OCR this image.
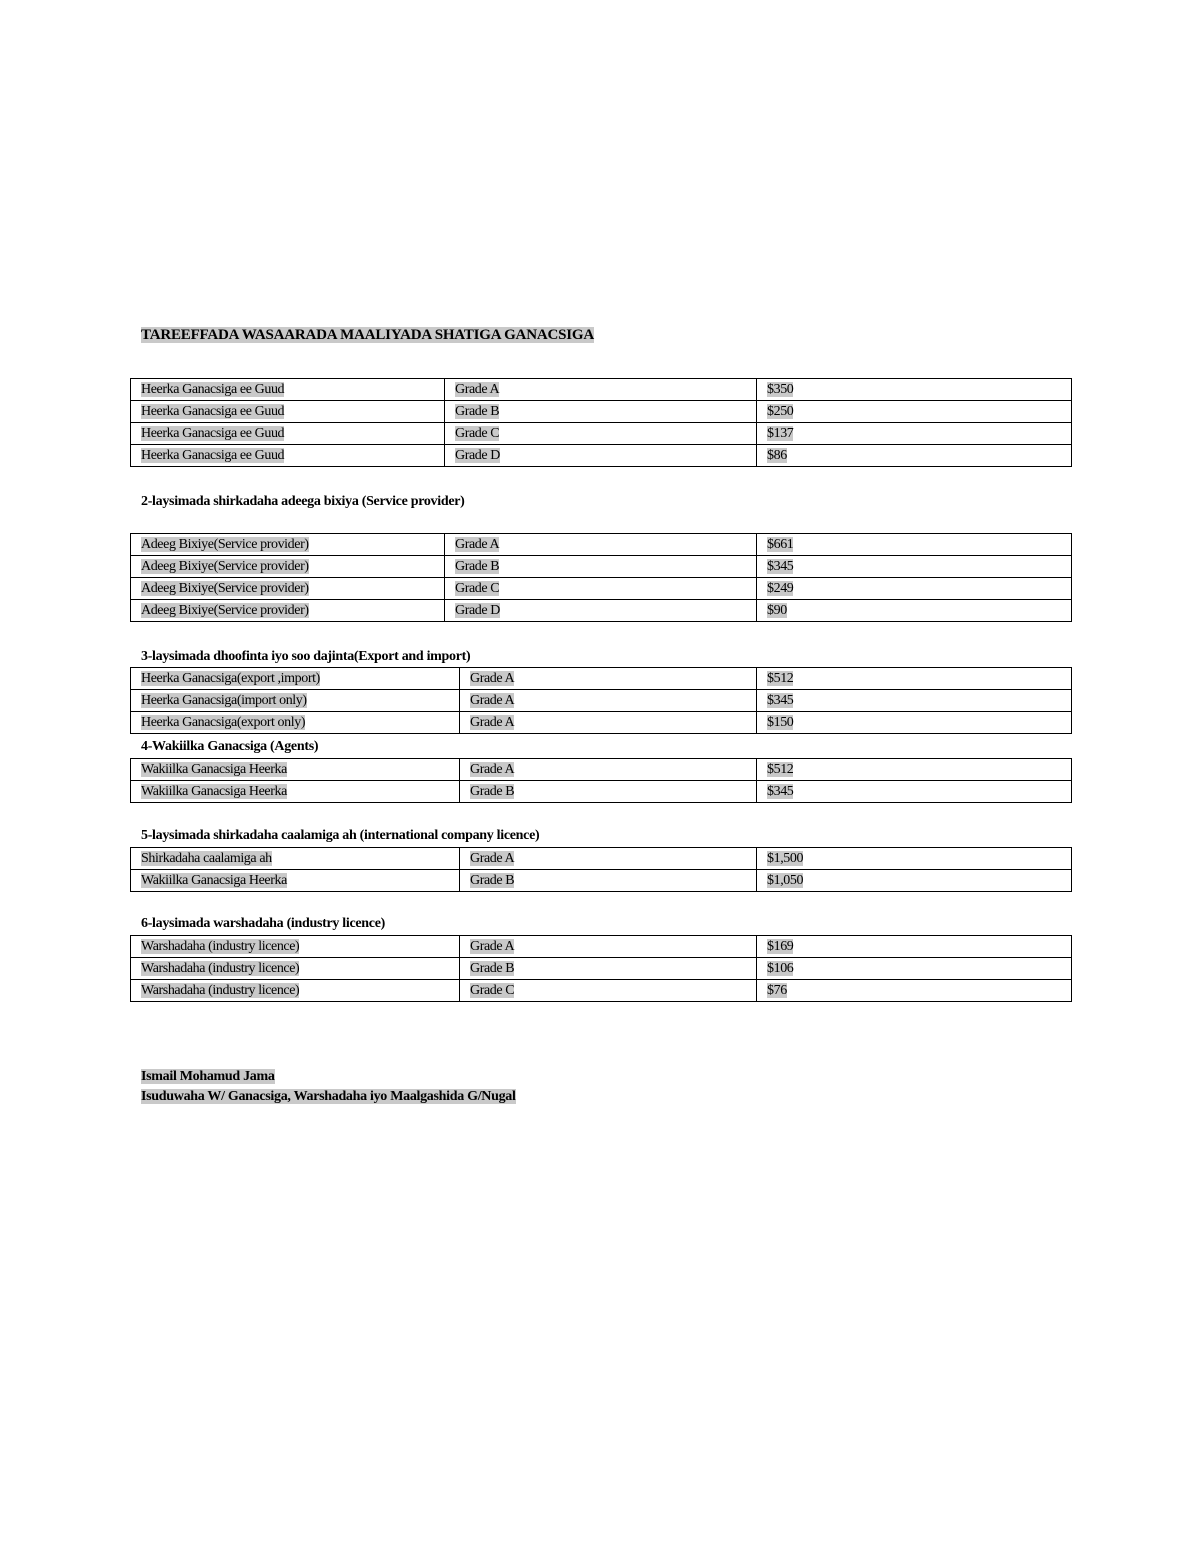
TAREEFFADA WASAARADA MAALIYADA SHATIGA GANACSIGA
Heerka Ganacsiga ee Guud	Grade A	$350
Heerka Ganacsiga ee Guud	Grade B	$250
Heerka Ganacsiga ee Guud	Grade C	$137
Heerka Ganacsiga ee Guud	Grade D	$86
2-laysimada shirkadaha adeega bixiya (Service provider)
Adeeg Bixiye(Service provider)	Grade A	$661
Adeeg Bixiye(Service provider)	Grade B	$345
Adeeg Bixiye(Service provider)	Grade C	$249
Adeeg Bixiye(Service provider)	Grade D	$90
3-laysimada dhoofinta iyo soo dajinta(Export and import)
Heerka Ganacsiga(export ,import)	Grade A	$512
Heerka Ganacsiga(import only)	Grade A	$345
Heerka Ganacsiga(export only)	Grade A	$150
4-Wakiilka Ganacsiga (Agents)
Wakiilka Ganacsiga Heerka	Grade A	$512
Wakiilka Ganacsiga Heerka	Grade B	$345
5-laysimada shirkadaha caalamiga ah (international company licence)
Shirkadaha caalamiga ah	Grade A	$1,500
Wakiilka Ganacsiga Heerka	Grade B	$1,050
6-laysimada warshadaha (industry licence)
Warshadaha (industry licence)	Grade A	$169
Warshadaha (industry licence)	Grade B	$106
Warshadaha (industry licence)	Grade C	$76
Ismail Mohamud Jama
Isuduwaha W/ Ganacsiga, Warshadaha iyo Maalgashida G/Nugal
